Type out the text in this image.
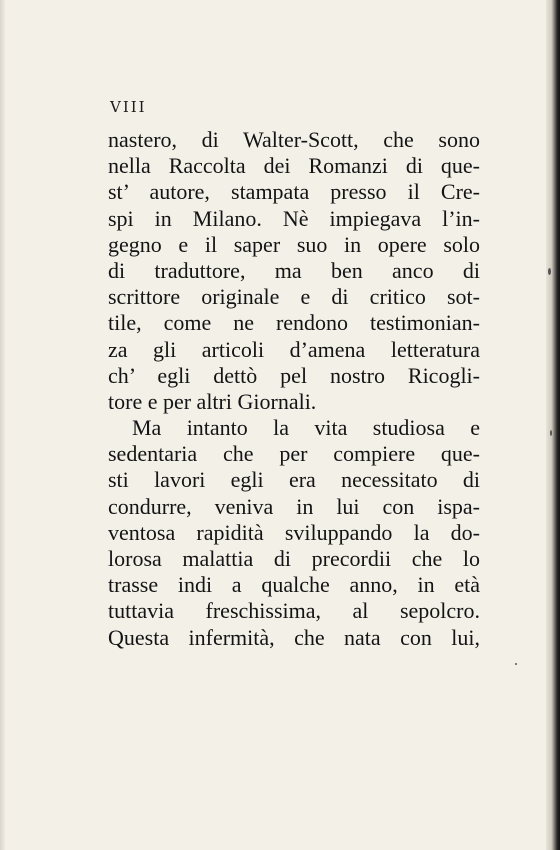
VIII
nastero, di Walter-Scott, che sono
nella Raccolta dei Romanzi di que-
st’ autore, stampata presso il Cre-
spi in Milano. Nè impiegava l’in-
gegno e il saper suo in opere solo
di traduttore, ma ben anco di
scrittore originale e di critico sot-
tile, come ne rendono testimonian-
za gli articoli d’amena letteratura
ch’ egli dettò pel nostro Ricogli-
tore e per altri Giornali.
Ma intanto la vita studiosa e
sedentaria che per compiere que-
sti lavori egli era necessitato di
condurre, veniva in lui con ispa-
ventosa rapidità sviluppando la do-
lorosa malattia di precordii che lo
trasse indi a qualche anno, in età
tuttavia freschissima, al sepolcro.
Questa infermità, che nata con lui,
